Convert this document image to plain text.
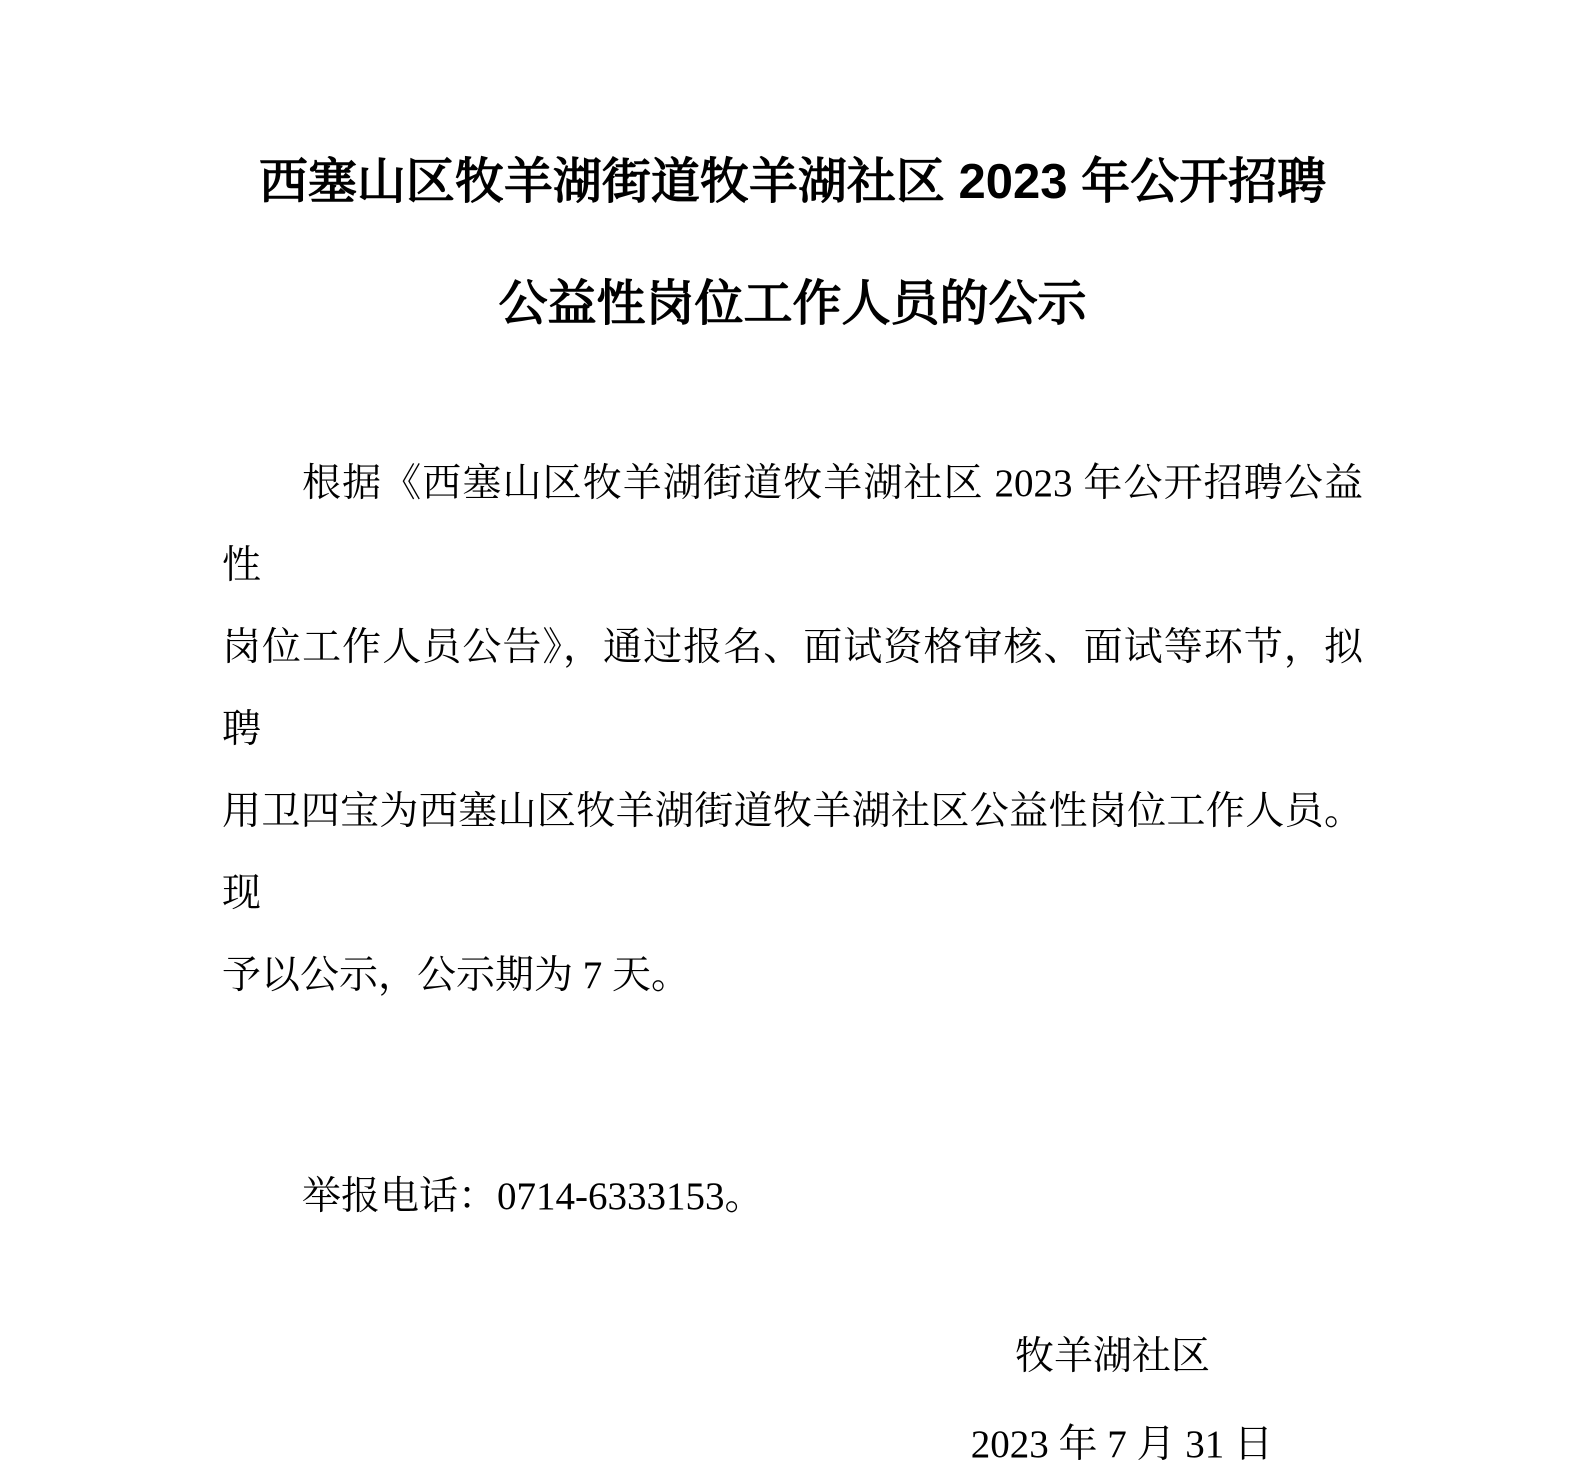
西塞山区牧羊湖街道牧羊湖社区 2023 年公开招聘
公益性岗位工作人员的公示
根据《西塞山区牧羊湖街道牧羊湖社区 2023 年公开招聘公益性
岗位工作人员公告》，通过报名、面试资格审核、面试等环节，拟聘
用卫四宝为西塞山区牧羊湖街道牧羊湖社区公益性岗位工作人员。现
予以公示，公示期为 7 天。
举报电话：0714-6333153。
牧羊湖社区
2023 年 7 月 31 日
